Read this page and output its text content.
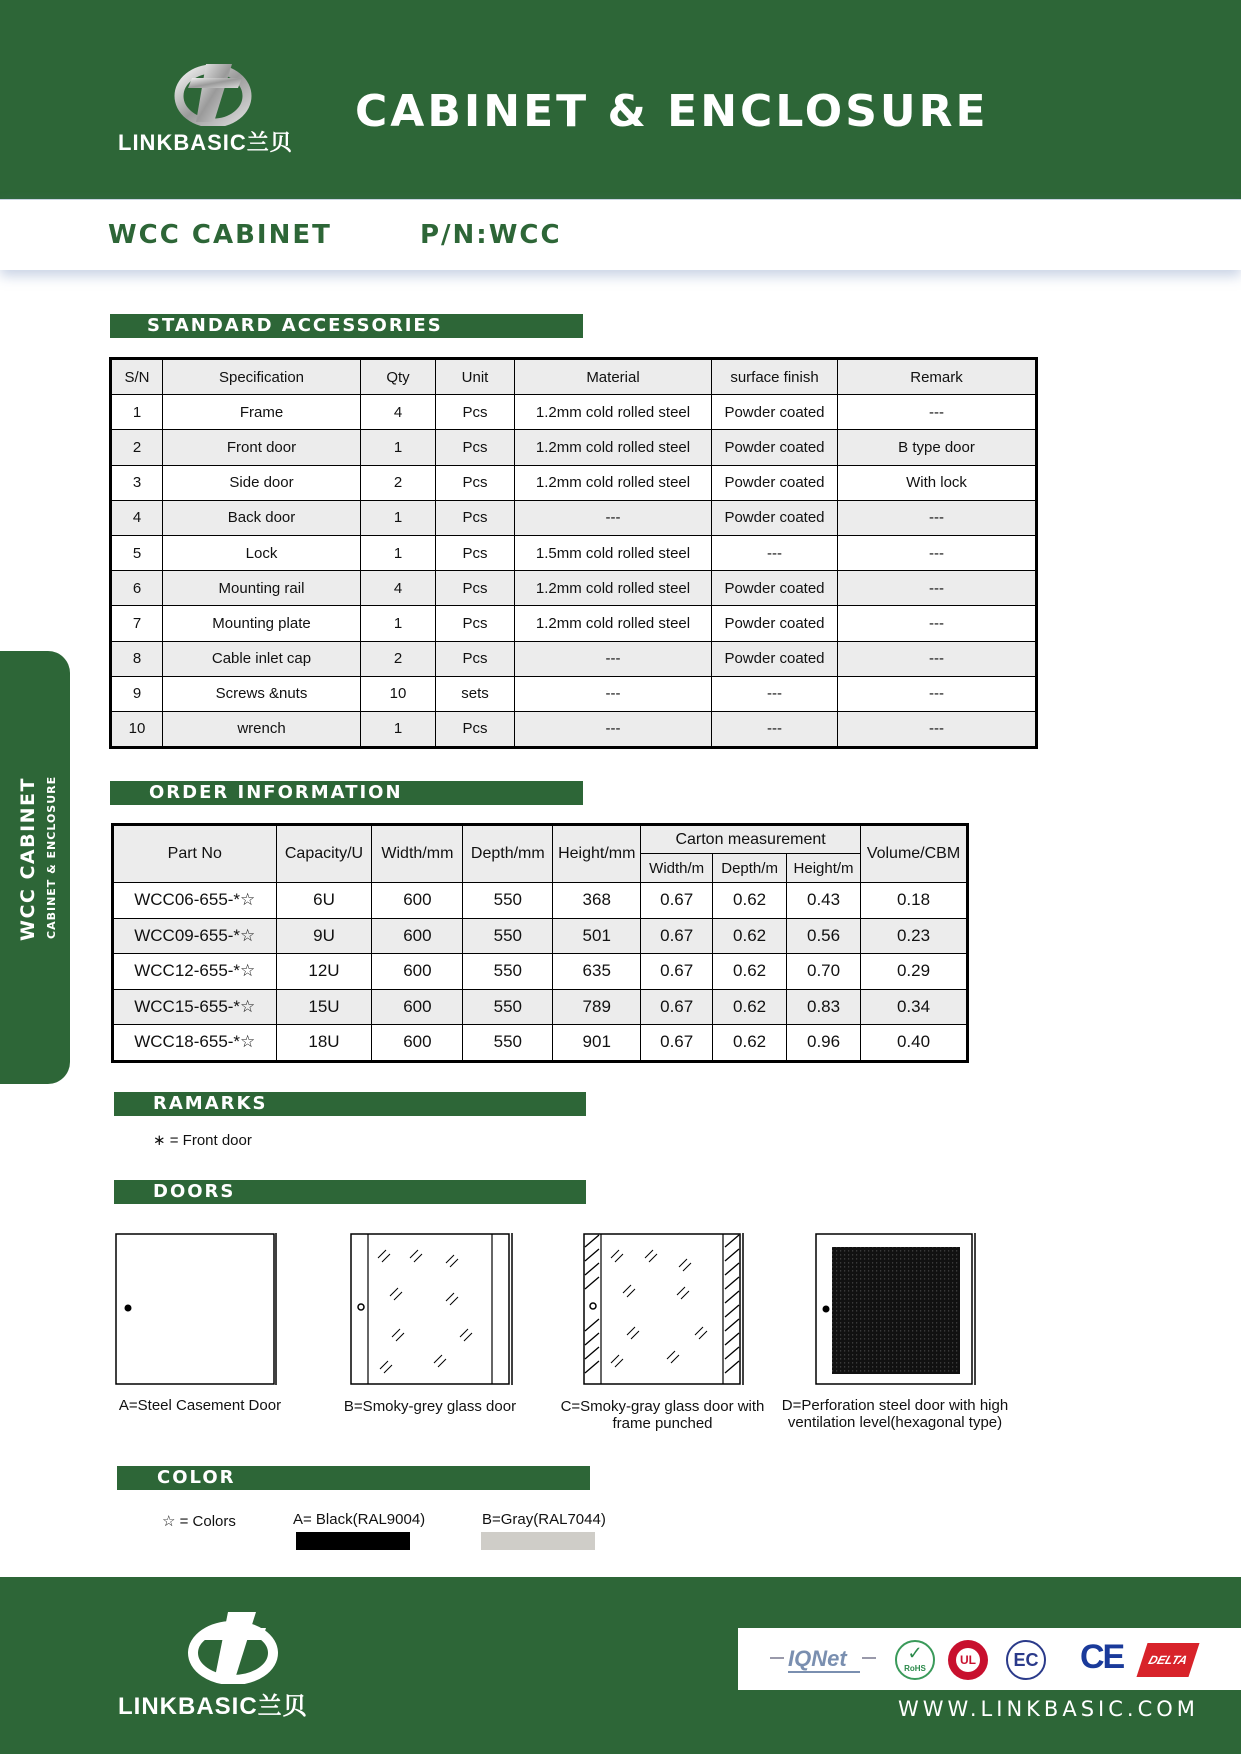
LINKBASIC兰贝
CABINET & ENCLOSURE
WCC CABINET	P/N:WCC
WCC CABINET CABINET & ENCLOSURE
STANDARD ACCESSORIES
S/N	Specification	Qty	Unit	Material	surface finish	Remark
1	Frame	4	Pcs	1.2mm cold rolled steel	Powder coated	---
2	Front door	1	Pcs	1.2mm cold rolled steel	Powder coated	B type door
3	Side door	2	Pcs	1.2mm cold rolled steel	Powder coated	With lock
4	Back door	1	Pcs	---	Powder coated	---
5	Lock	1	Pcs	1.5mm cold rolled steel	---	---
6	Mounting rail	4	Pcs	1.2mm cold rolled steel	Powder coated	---
7	Mounting plate	1	Pcs	1.2mm cold rolled steel	Powder coated	---
8	Cable inlet cap	2	Pcs	---	Powder coated	---
9	Screws &nuts	10	sets	---	---	---
10	wrench	1	Pcs	---	---	---
ORDER INFORMATION
Part No	Capacity/U	Width/mm	Depth/mm	Height/mm	Carton measurement			Volume/CBM
					Width/m	Depth/m	Height/m	
WCC06-655-*☆	6U	600	550	368	0.67	0.62	0.43	0.18
WCC09-655-*☆	9U	600	550	501	0.67	0.62	0.56	0.23
WCC12-655-*☆	12U	600	550	635	0.67	0.62	0.70	0.29
WCC15-655-*☆	15U	600	550	789	0.67	0.62	0.83	0.34
WCC18-655-*☆	18U	600	550	901	0.67	0.62	0.96	0.40
RAMARKS
∗ = Front door
DOORS
A=Steel Casement Door	B=Smoky-grey glass door	C=Smoky-gray glass door with frame punched
D=Perforation steel door with high ventilation level(hexagonal type)
COLOR
☆ = Colors	A= Black(RAL9004)	B=Gray(RAL7044)
LINKBASIC兰贝
IQNet	✓
RoHS
UL	EC CE	DELTA
WWW.LINKBASIC.COM
